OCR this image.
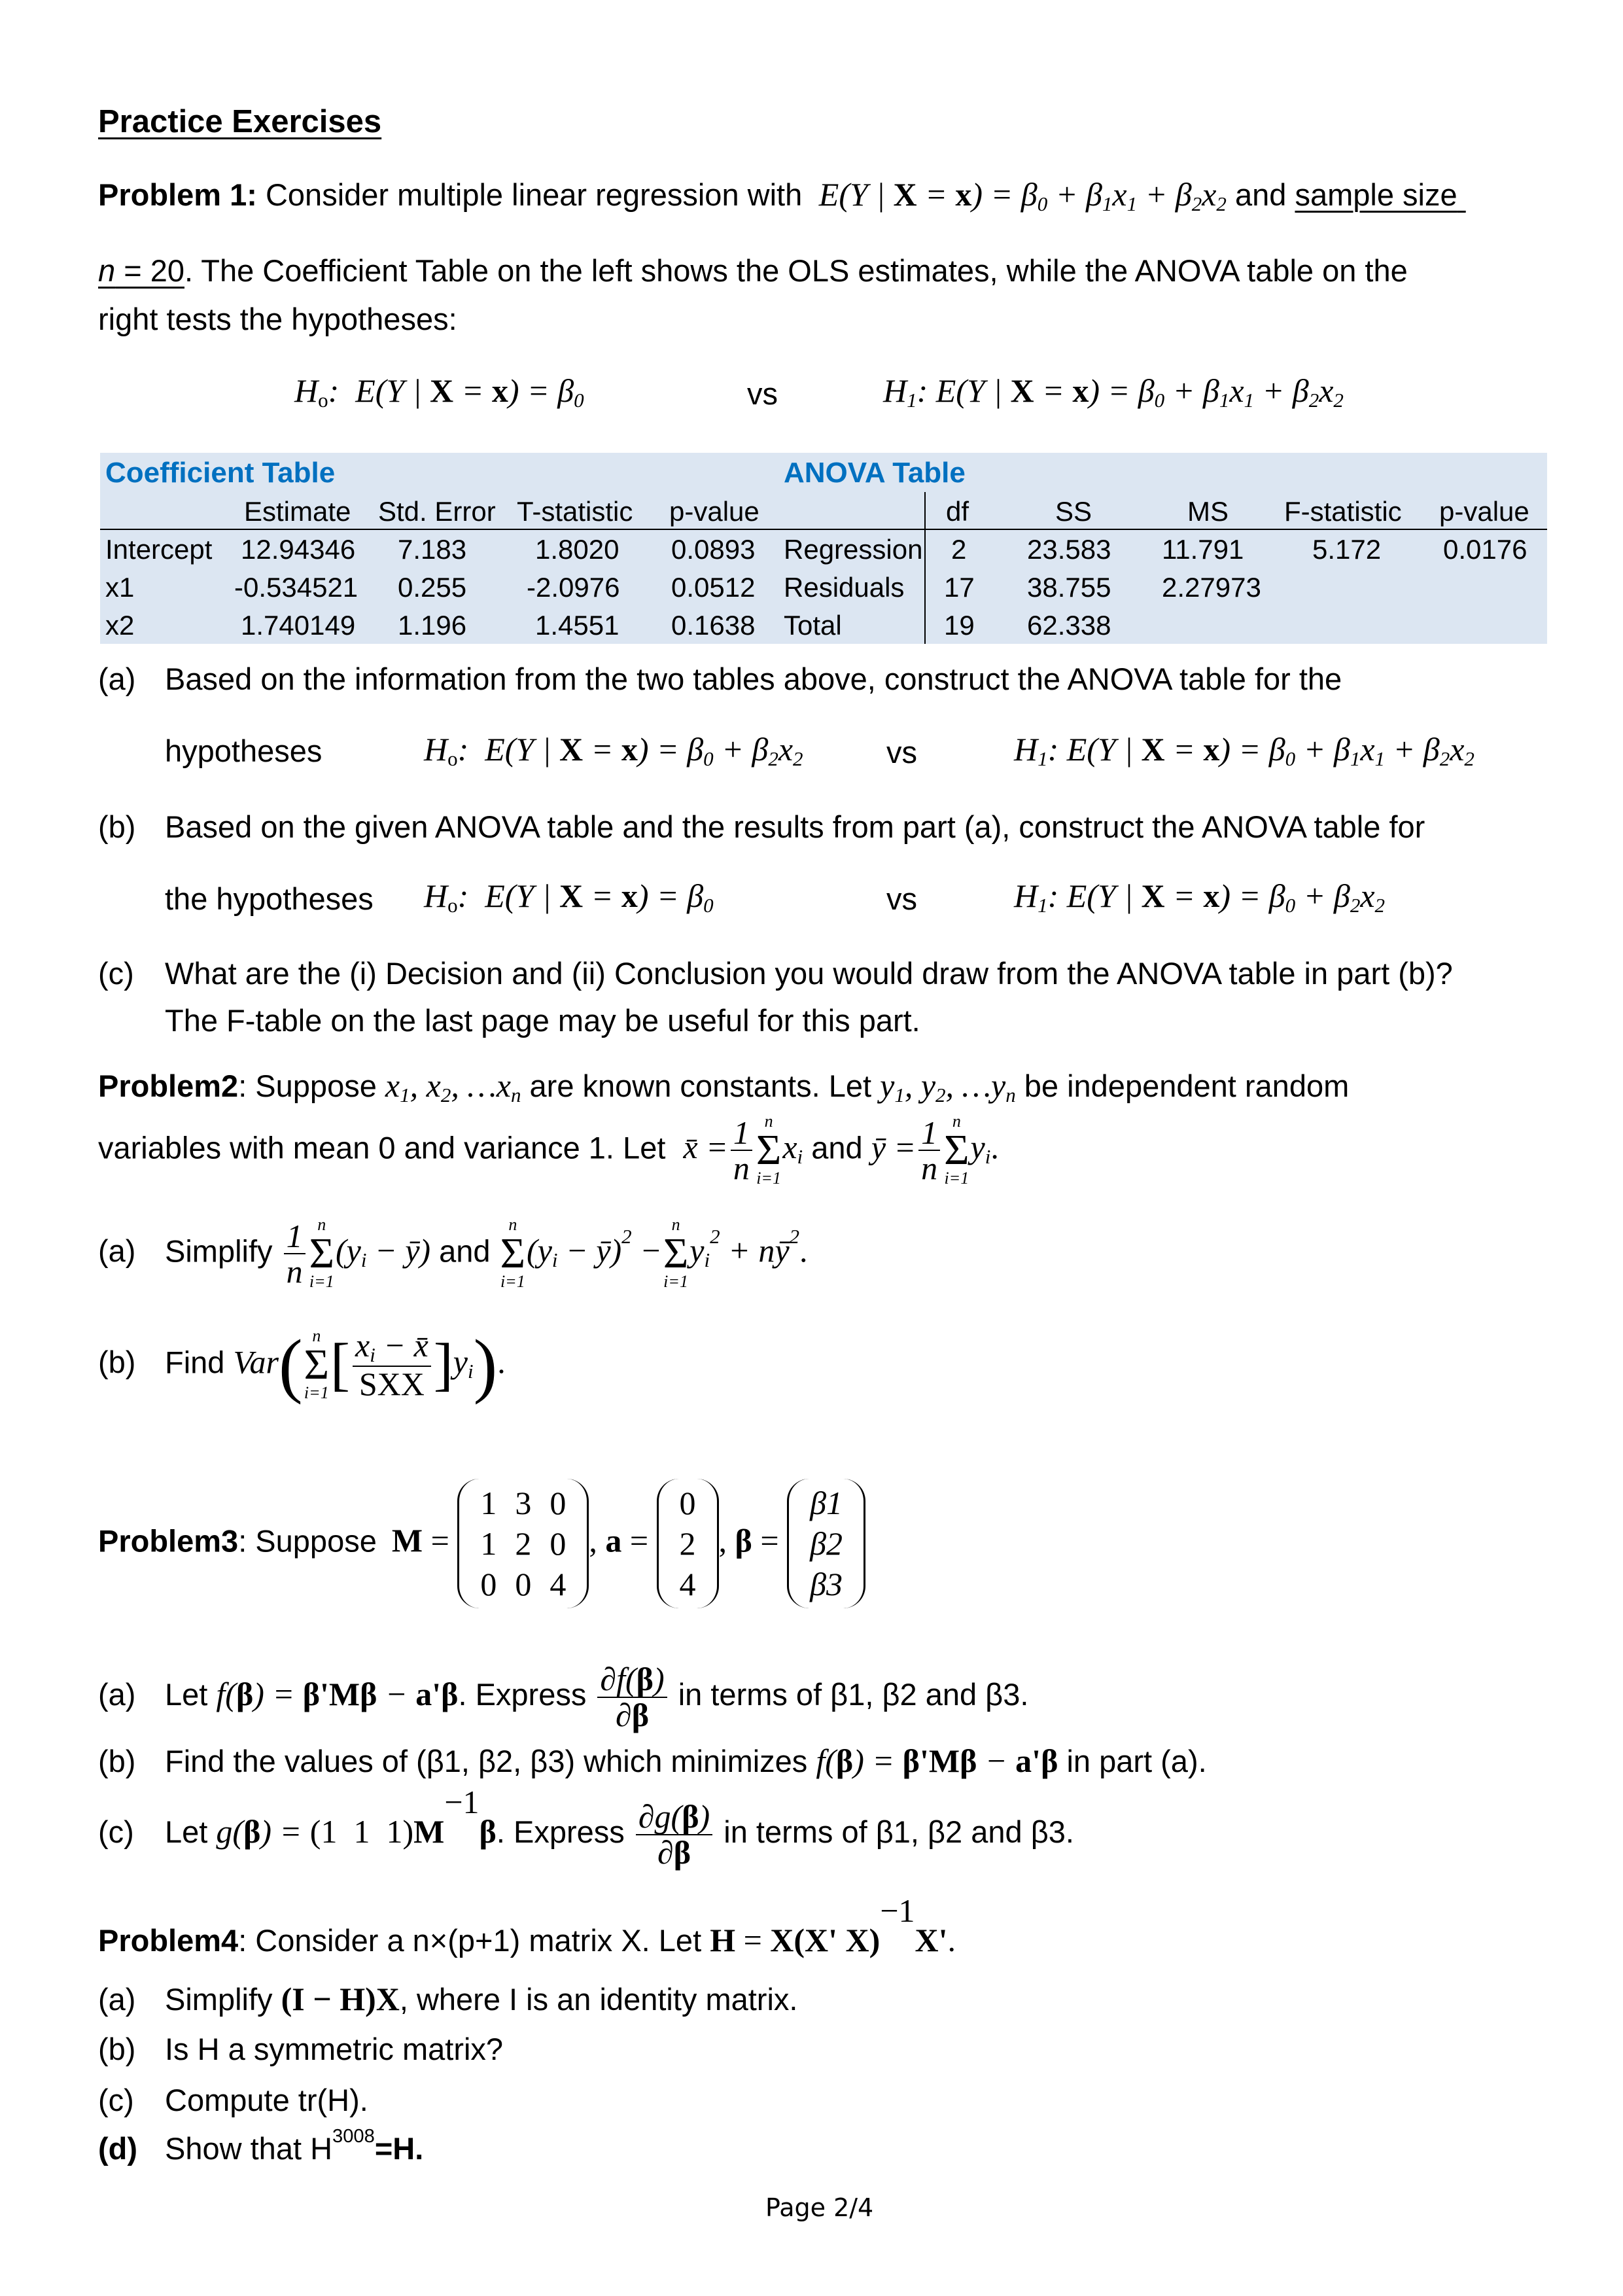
Practice Exercises
Problem 1: Consider multiple linear regression with  E(Y | $X = x) = \beta_0 + \beta_1x_1 + \beta_2x_2$ and sample size
n = 20. The Coefficient Table on the left shows the OLS estimates, while the ANOVA table on the
right tests the hypotheses:
$H_o$:  E(Y | $X = x) = \beta_0$	vs	$H_1$: E(Y | $X = x) = \beta_0 + \beta_1x_1 + \beta_2x_2$
Coefficient Table
Estimate Std. Error T-statistic p-value
Intercept 12.94346 7.183 1.8020 0.0893
x1	-0.534521 0.255 -2.0976 0.0512
x2	1.740149 1.196 1.4551 0.1638
ANOVA Table
df	SS	MS F-statistic p-value
Regression 2 23.583 11.791 5.172 0.0176
Residuals 17 38.755 2.27973
Total	19 62.338
(a) Based on the information from the two tables above, construct the ANOVA table for the
hypotheses	$H_o$:  E(Y | $X = x) = \beta_0 + \beta_2x_2$	vs	$H_1$: E(Y | $X = x) = \beta_0 + \beta_1x_1 + \beta_2x_2$
(b) Based on the given ANOVA table and the results from part (a), construct the ANOVA table for
the hypotheses $H_o$:  E(Y | $X = x) = \beta_0$	vs	$H_1$: E(Y | $X = x) = \beta_0 + \beta_2x_2$
(c) What are the (i) Decision and (ii) Conclusion you would draw from the ANOVA table in part (b)?
The F-table on the last page may be useful for this part.
Problem2: Suppose $x_1$, $x_2$, $\dots x_n$ are known constants. Let $y_1$, $y_2$, $\dots y_n$ be independent random
variables with mean 0 and variance 1. Let x̄ = $\frac{1}{n}$ n
Σ
i=1
$x_i$ and ȳ = $\frac{1}{n}$ n
Σ
i=1
$y_i$.
(a) Simplify $\frac{1}{n}$ n
Σ
i=1
($y_i$ − ȳ) and
n
Σ
i=1
($y_i$ − ȳ)$^2$ −
n
Σ
i=1
$y_i^2$ + $nȳ^2$.
(b) Find Var( n
Σ
i=1 [ $\frac{x_i - x̄}{\text{SXX}} ]y_i$).
Problem3: Suppose M =
1	3	0
1	2	0
0	0	4
, a =
0
2
4
, β =
β1
β2
β3
(a) Let f(β) = β'Mβ − a'β. Express $\frac{\partial f(\beta)}{\partial\beta}$ in terms of β1, β2 and β3.
(b) Find the values of (β1, β2, β3) which minimizes f(β) = β'Mβ − a'β in part (a).
(c) Let g(β) = (1  1  $1)M^{-1}\beta$. Express $\frac{\partial g(\beta)}{\partial\beta}$ in terms of β1, β2 and β3.
Problem4: Consider a n×(p+1) matrix X. Let H = X(X' X)$^{-1}$X'.
(a) Simplify (I − H)X, where I is an identity matrix.
(b) Is H a symmetric matrix?
(c) Compute tr(H).
(d) Show that $H^{3008}=H$.
Page 2/4
